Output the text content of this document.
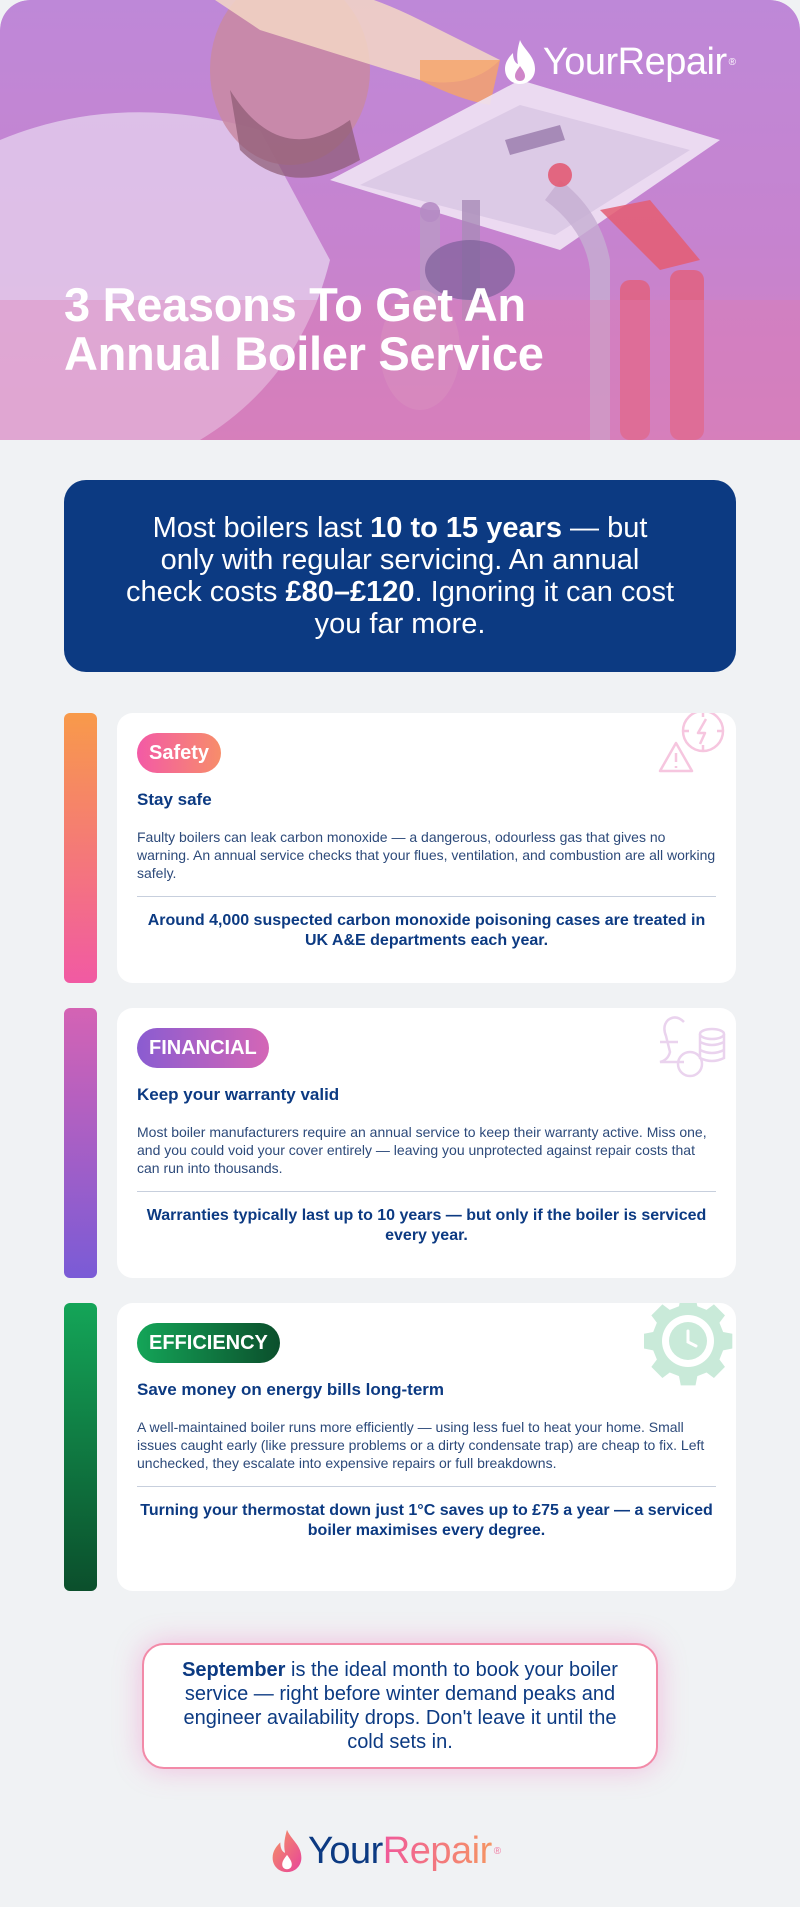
3 Reasons To Get An
Annual Boiler Service
YourRepair ®

Most boilers last 10 to 15 years — but only with regular servicing. An annual check costs £80–£120. Ignoring it can cost you far more.

Safety
Stay safe

Faulty boilers can leak carbon monoxide — a dangerous, odourless gas that gives no warning. An annual service checks that your flues, ventilation, and combustion are all working safely.

Around 4,000 suspected carbon monoxide poisoning cases are treated in UK A&E departments each year.

FINANCIAL
Keep your warranty valid

Most boiler manufacturers require an annual service to keep their warranty active. Miss one, and you could void your cover entirely — leaving you unprotected against repair costs that can run into thousands.

Warranties typically last up to 10 years — but only if the boiler is serviced every year.

EFFICIENCY
Save money on energy bills long-term

A well-maintained boiler runs more efficiently — using less fuel to heat your home. Small issues caught early (like pressure problems or a dirty condensate trap) are cheap to fix. Left unchecked, they escalate into expensive repairs or full breakdowns.

Turning your thermostat down just 1°C saves up to £75 a year — a serviced boiler maximises every degree.

September is the ideal month to book your boiler service — right before winter demand peaks and engineer availability drops. Don't leave it until the cold sets in.

Your Repair ®
